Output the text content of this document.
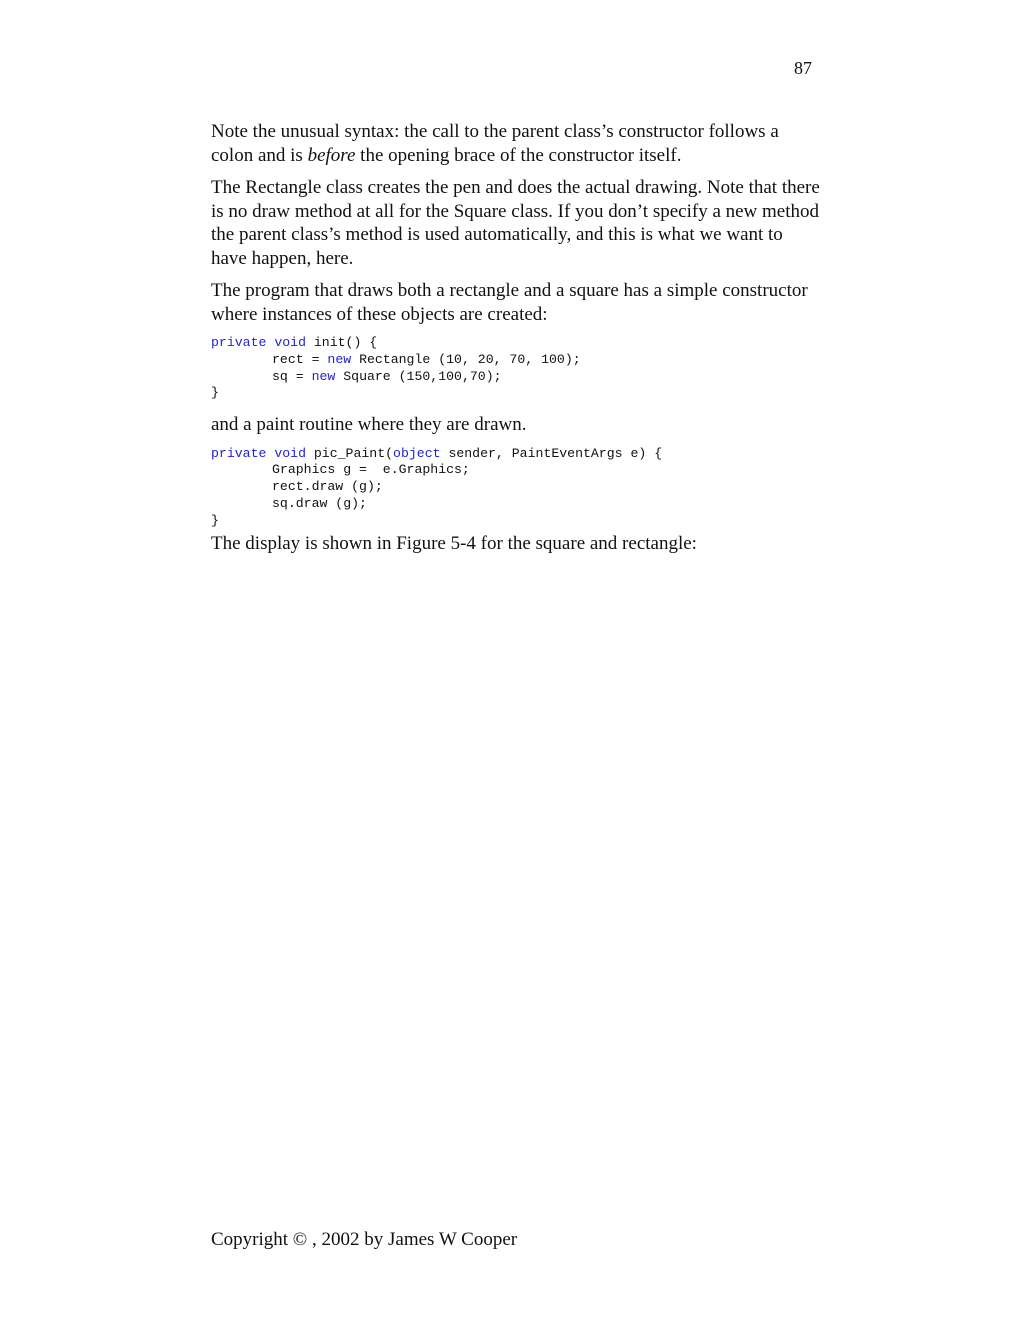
87

Note the unusual syntax: the call to the parent class’s constructor follows a colon and is before the opening brace of the constructor itself.

The Rectangle class creates the pen and does the actual drawing. Note that there is no draw method at all for the Square class. If you don’t specify a new method the parent class’s method is used automatically, and this is what we want to have happen, here.

The program that draws both a rectangle and a square has a simple constructor where instances of these objects are created:

private void init() {
rect = new Rectangle (10, 20, 70, 100);
sq = new Square (150,100,70);
}

and a paint routine where they are drawn.

private void pic_Paint(object sender, PaintEventArgs e) {
Graphics g =  e.Graphics;
rect.draw (g);
sq.draw (g);
}

The display is shown in Figure 5-4 for the square and rectangle:

Copyright © , 2002 by James W Cooper
